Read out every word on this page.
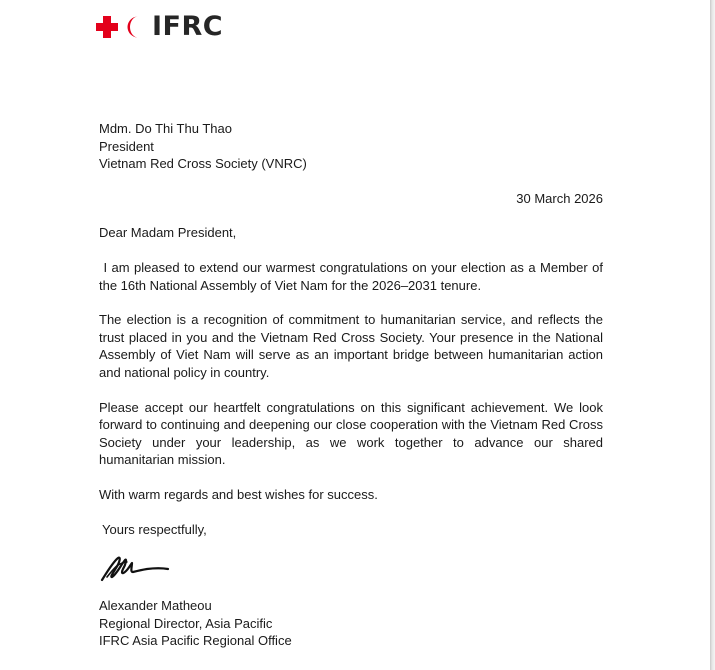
IFRC
Mdm. Do Thi Thu Thao
President
Vietnam Red Cross Society (VNRC)
30 March 2026
Dear Madam President,
I am pleased to extend our warmest congratulations on your election as a Member of the 16th National Assembly of Viet Nam for the 2026–2031 tenure.
The election is a recognition of commitment to humanitarian service, and reflects the trust placed in you and the Vietnam Red Cross Society. Your presence in the National Assembly of Viet Nam will serve as an important bridge between humanitarian action and national policy in country.
Please accept our heartfelt congratulations on this significant achievement. We look forward to continuing and deepening our close cooperation with the Vietnam Red Cross Society under your leadership, as we work together to advance our shared humanitarian mission.
With warm regards and best wishes for success.
Yours respectfully,
Alexander Matheou
Regional Director, Asia Pacific
IFRC Asia Pacific Regional Office
